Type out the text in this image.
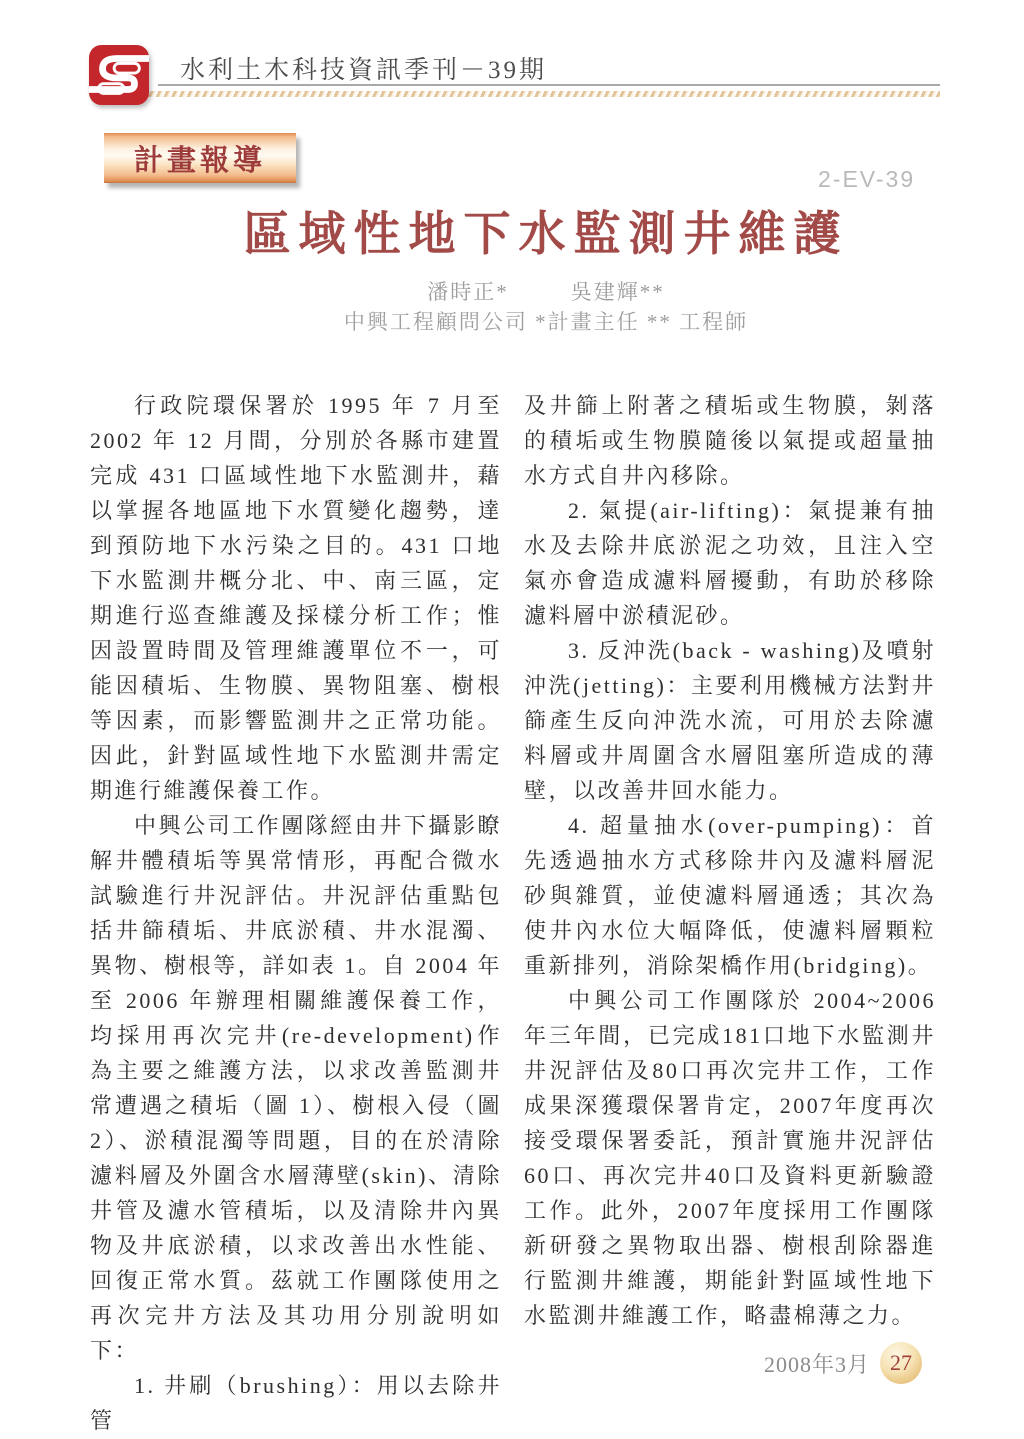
水利土木科技資訊季刊－39期
計畫報導
2-EV-39
區域性地下水監測井維護
潘時正*	吳建輝**
中興工程顧問公司 *計畫主任 ** 工程師

行政院環保署於 1995 年 7 月至 2002 年 12 月間，分別於各縣市建置完成 431 口區域性地下水監測井，藉以掌握各地區地下水質變化趨勢，達到預防地下水污染之目的。431 口地下水監測井概分北、中、南三區，定期進行巡查維護及採樣分析工作；惟因設置時間及管理維護單位不一，可能因積垢、生物膜、異物阻塞、樹根等因素，而影響監測井之正常功能。因此，針對區域性地下水監測井需定期進行維護保養工作。

中興公司工作團隊經由井下攝影瞭解井體積垢等異常情形，再配合微水試驗進行井況評估。井況評估重點包括井篩積垢、井底淤積、井水混濁、異物、樹根等，詳如表 1。自 2004 年至 2006 年辦理相關維護保養工作，均採用再次完井(re-development)作為主要之維護方法，以求改善監測井常遭遇之積垢（圖 1）、樹根入侵（圖 2）、淤積混濁等問題，目的在於清除濾料層及外圍含水層薄壁(skin)、清除井管及濾水管積垢，以及清除井內異物及井底淤積，以求改善出水性能、回復正常水質。茲就工作團隊使用之再次完井方法及其功用分別說明如下：

1. 井刷（brushing）：用以去除井管

及井篩上附著之積垢或生物膜，剝落的積垢或生物膜隨後以氣提或超量抽水方式自井內移除。

2. 氣提(air-lifting)：氣提兼有抽水及去除井底淤泥之功效，且注入空氣亦會造成濾料層擾動，有助於移除濾料層中淤積泥砂。

3. 反沖洗(back - washing)及噴射沖洗(jetting)：主要利用機械方法對井篩產生反向沖洗水流，可用於去除濾料層或井周圍含水層阻塞所造成的薄壁，以改善井回水能力。

4. 超量抽水(over-pumping)：首先透過抽水方式移除井內及濾料層泥砂與雜質，並使濾料層通透；其次為使井內水位大幅降低，使濾料層顆粒重新排列，消除架橋作用(bridging)。

中興公司工作團隊於 2004~2006 年三年間，已完成181口地下水監測井井況評估及80口再次完井工作，工作成果深獲環保署肯定，2007年度再次接受環保署委託，預計實施井況評估60口、再次完井40口及資料更新驗證工作。此外，2007年度採用工作團隊新研發之異物取出器、樹根刮除器進行監測井維護，期能針對區域性地下水監測井維護工作，略盡棉薄之力。

2008年3月 27
